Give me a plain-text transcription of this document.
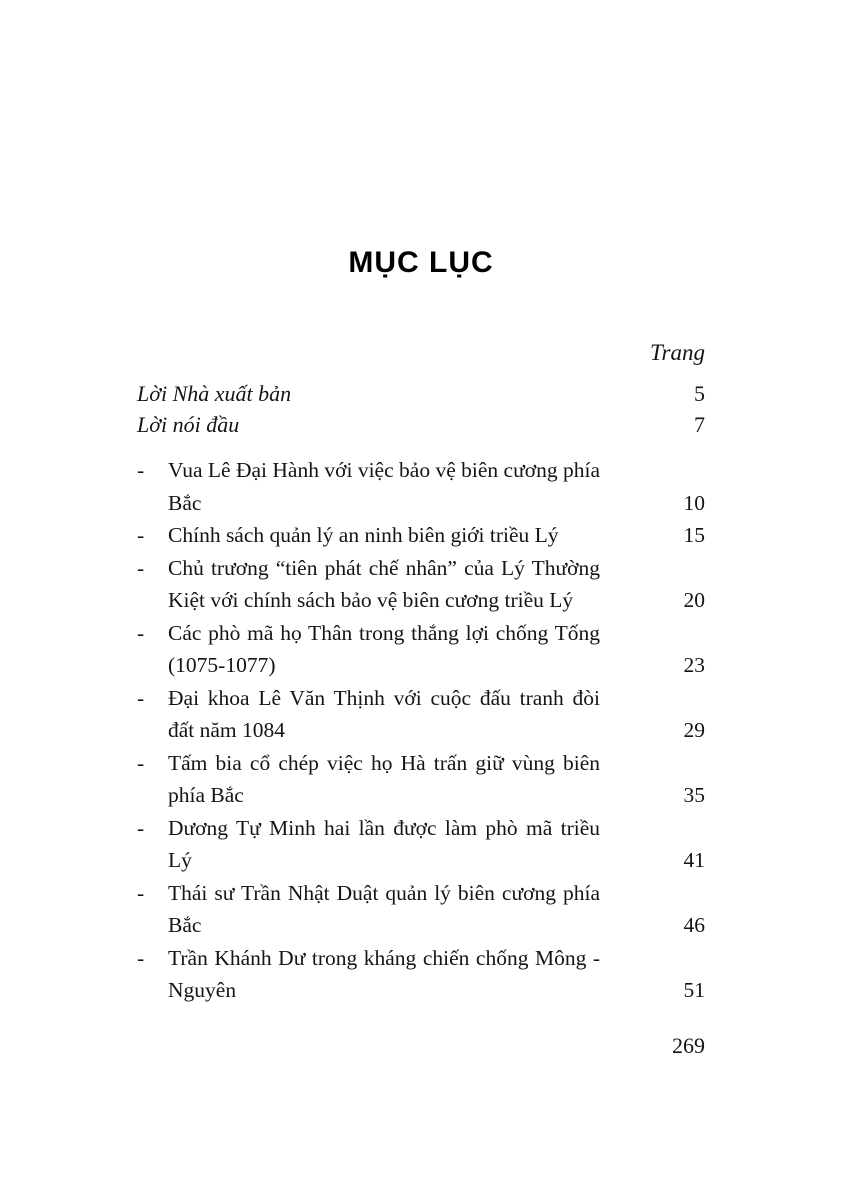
MỤC LỤC
Trang
Lời Nhà xuất bản	5
Lời nói đầu	7
-	Vua Lê Đại Hành với việc bảo vệ biên cương phía Bắc	10
-	Chính sách quản lý an ninh biên giới triều Lý	15
-	Chủ trương “tiên phát chế nhân” của Lý Thường Kiệt với chính sách bảo vệ biên cương triều Lý	20
-	Các phò mã họ Thân trong thắng lợi chống Tống (1075-1077)	23
-	Đại khoa Lê Văn Thịnh với cuộc đấu tranh đòi đất năm 1084	29
-	Tấm bia cổ chép việc họ Hà trấn giữ vùng biên phía Bắc	35
-	Dương Tự Minh hai lần được làm phò mã triều Lý	41
-	Thái sư Trần Nhật Duật quản lý biên cương phía Bắc	46
-	Trần Khánh Dư trong kháng chiến chống Mông - Nguyên	51
269
